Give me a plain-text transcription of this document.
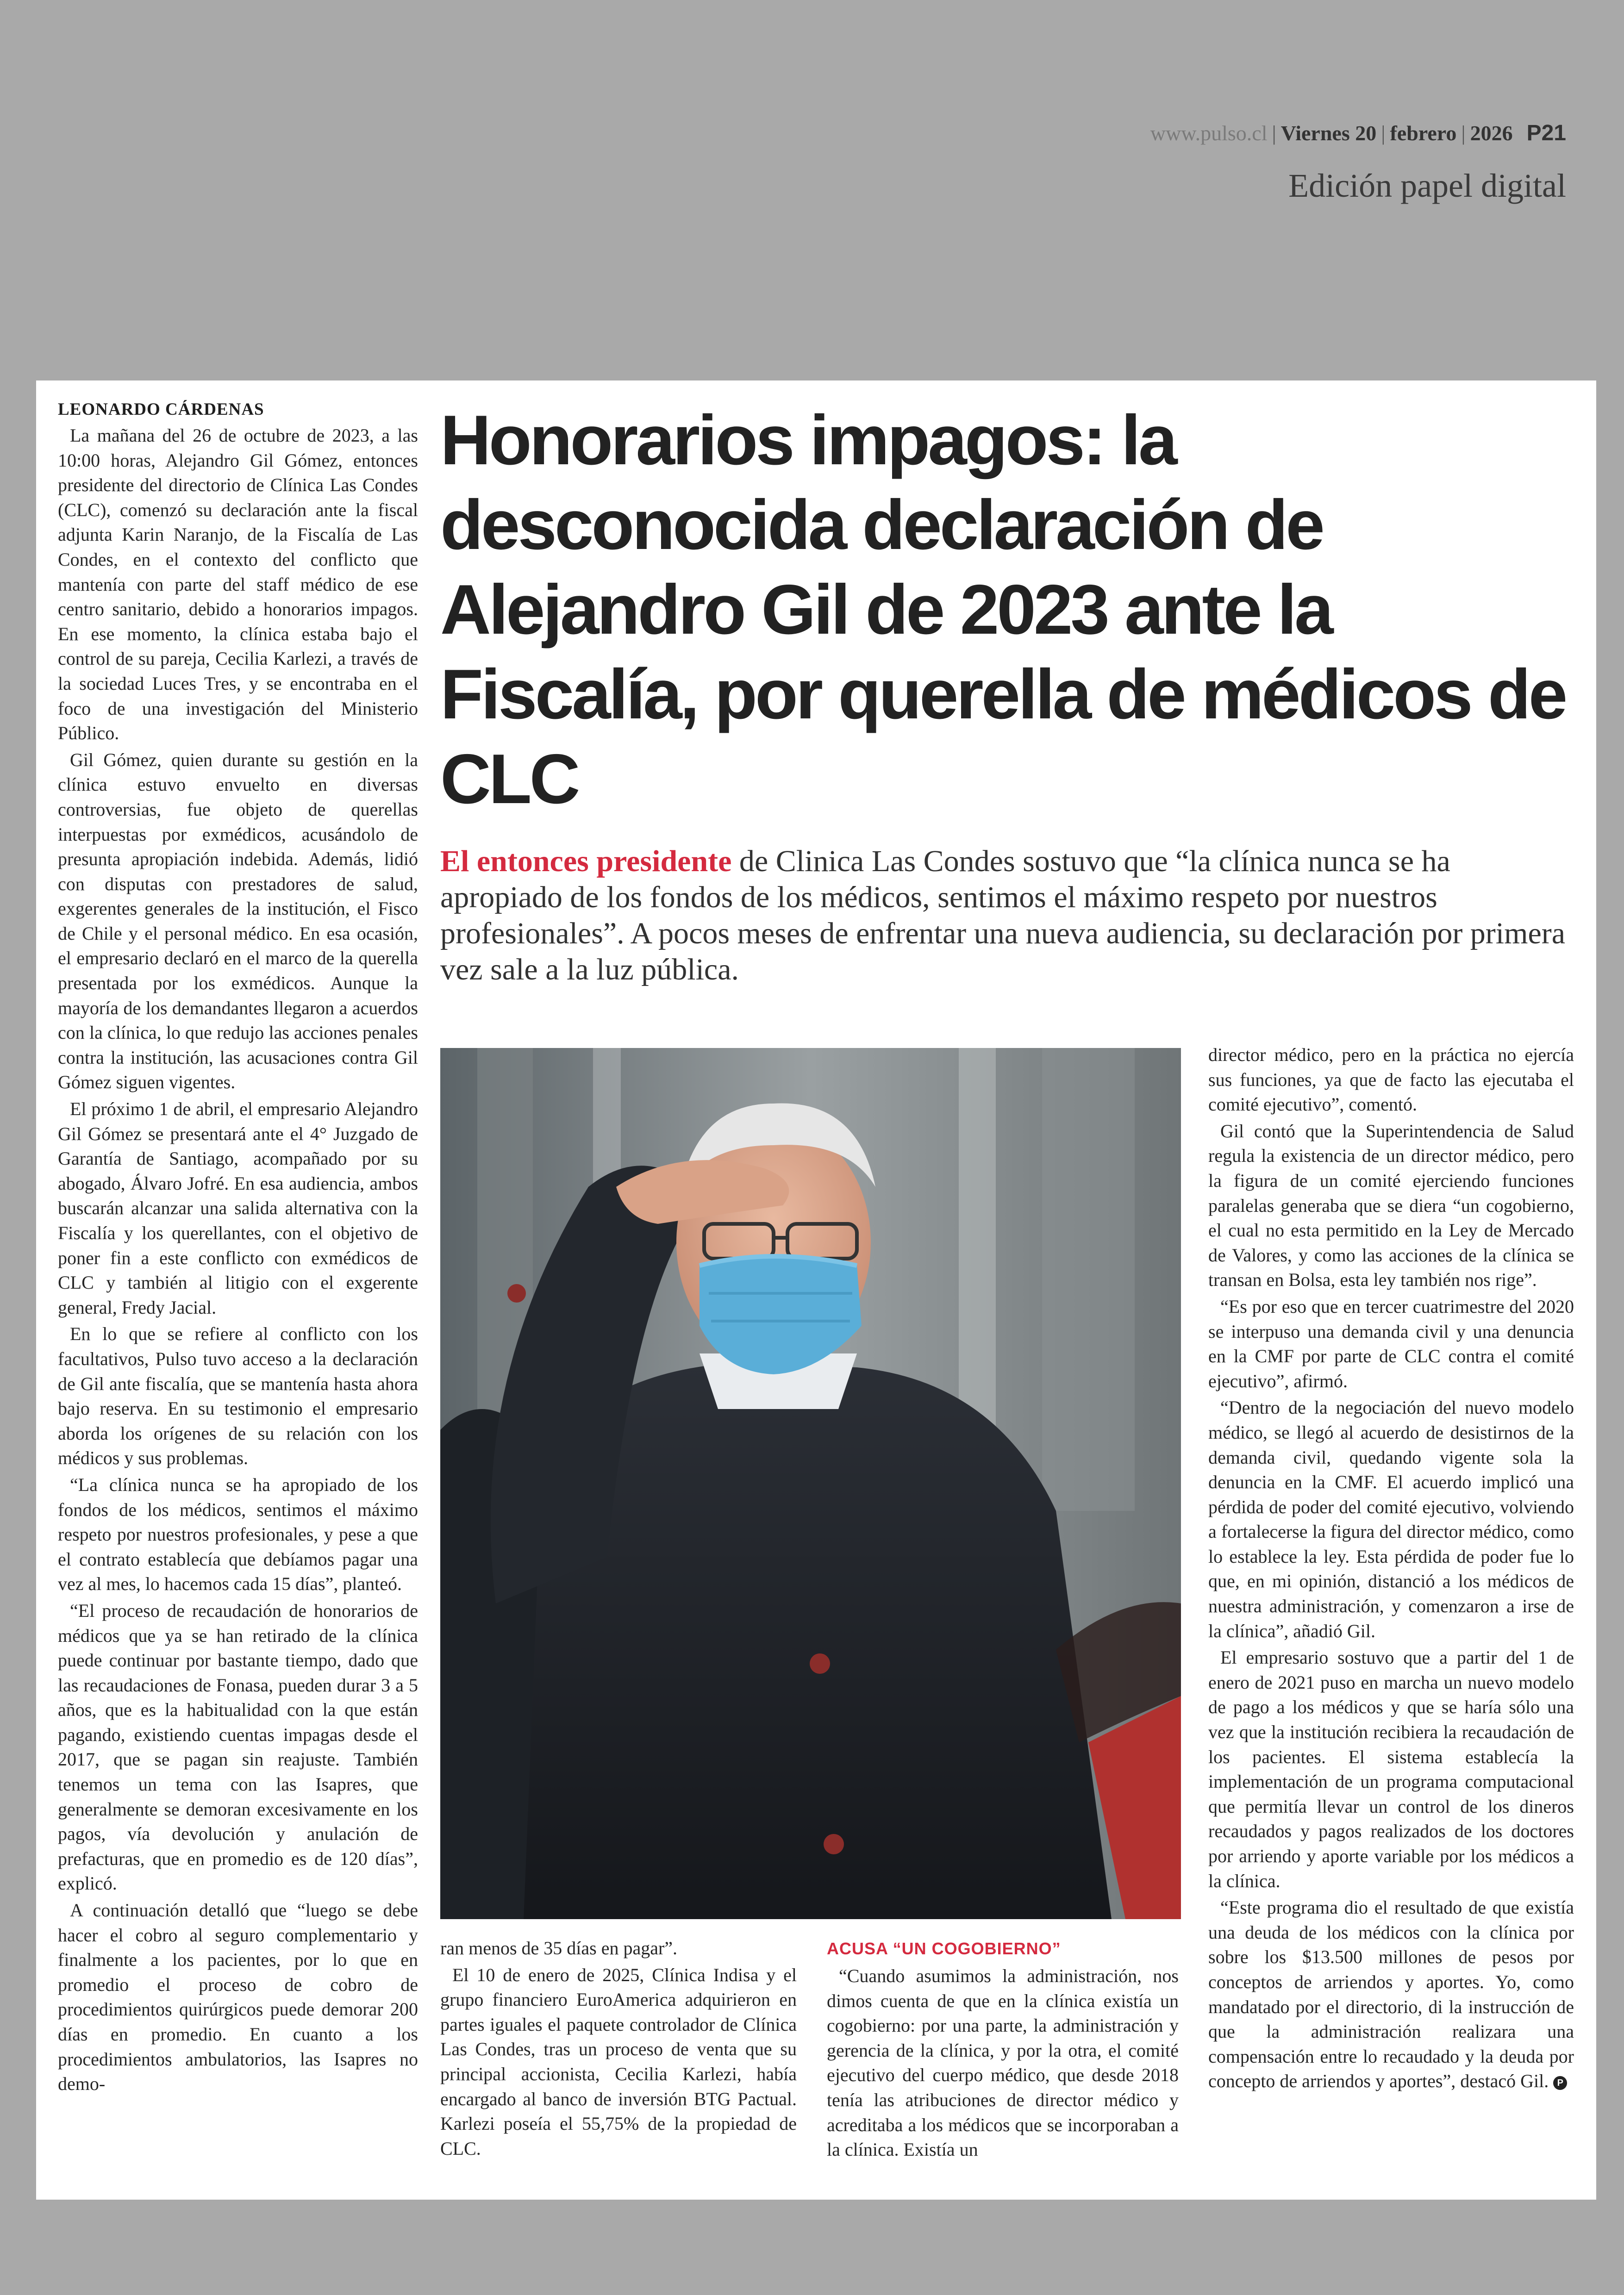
www.pulso.cl | Viernes 20 | febrero | 2026 P21
Edición papel digital

LEONARDO CÁRDENAS

La mañana del 26 de octubre de 2023, a las 10:00 horas, Alejandro Gil Gómez, entonces presidente del directorio de Clínica Las Condes (CLC), comenzó su declaración ante la fiscal adjunta Karin Naranjo, de la Fiscalía de Las Condes, en el contexto del conflicto que mantenía con parte del staff médico de ese centro sanitario, debido a honorarios impagos. En ese momento, la clínica estaba bajo el control de su pareja, Cecilia Karlezi, a través de la sociedad Luces Tres, y se encontraba en el foco de una investigación del Ministerio Público.

Gil Gómez, quien durante su gestión en la clínica estuvo envuelto en diversas controversias, fue objeto de querellas interpuestas por exmédicos, acusándolo de presunta apropiación indebida. Además, lidió con disputas con prestadores de salud, exgerentes generales de la institución, el Fisco de Chile y el personal médico. En esa ocasión, el empresario declaró en el marco de la querella presentada por los exmédicos. Aunque la mayoría de los demandantes llegaron a acuerdos con la clínica, lo que redujo las acciones penales contra la institución, las acusaciones contra Gil Gómez siguen vigentes.

El próximo 1 de abril, el empresario Alejandro Gil Gómez se presentará ante el 4° Juzgado de Garantía de Santiago, acompañado por su abogado, Álvaro Jofré. En esa audiencia, ambos buscarán alcanzar una salida alternativa con la Fiscalía y los querellantes, con el objetivo de poner fin a este conflicto con exmédicos de CLC y también al litigio con el exgerente general, Fredy Jacial.

En lo que se refiere al conflicto con los facultativos, Pulso tuvo acceso a la declaración de Gil ante fiscalía, que se mantenía hasta ahora bajo reserva. En su testimonio el empresario aborda los orígenes de su relación con los médicos y sus problemas.

“La clínica nunca se ha apropiado de los fondos de los médicos, sentimos el máximo respeto por nuestros profesionales, y pese a que el contrato establecía que debíamos pagar una vez al mes, lo hacemos cada 15 días”, planteó.

“El proceso de recaudación de honorarios de médicos que ya se han retirado de la clínica puede continuar por bastante tiempo, dado que las recaudaciones de Fonasa, pueden durar 3 a 5 años, que es la habitualidad con la que están pagando, existiendo cuentas impagas desde el 2017, que se pagan sin reajuste. También tenemos un tema con las Isapres, que generalmente se demoran excesivamente en los pagos, vía devolución y anulación de prefacturas, que en promedio es de 120 días”, explicó.

A continuación detalló que “luego se debe hacer el cobro al seguro complementario y finalmente a los pacientes, por lo que en promedio el proceso de cobro de procedimientos quirúrgicos puede demorar 200 días en promedio. En cuanto a los procedimientos ambulatorios, las Isapres no demo-

Honorarios impagos: la desconocida declaración de Alejandro Gil de 2023 ante la Fiscalía, por querella de médicos de CLC

El entonces presidente de Clinica Las Condes sostuvo que “la clínica nunca se ha apropiado de los fondos de los médicos, sentimos el máximo respeto por nuestros profesionales”. A pocos meses de enfrentar una nueva audiencia, su declaración por primera vez sale a la luz pública.

ran menos de 35 días en pagar”.

El 10 de enero de 2025, Clínica Indisa y el grupo financiero EuroAmerica adquirieron en partes iguales el paquete controlador de Clínica Las Condes, tras un proceso de venta que su principal accionista, Cecilia Karlezi, había encargado al banco de inversión BTG Pactual. Karlezi poseía el 55,75% de la propiedad de CLC.

ACUSA “UN COGOBIERNO”

“Cuando asumimos la administración, nos dimos cuenta de que en la clínica existía un cogobierno: por una parte, la administración y gerencia de la clínica, y por la otra, el comité ejecutivo del cuerpo médico, que desde 2018 tenía las atribuciones de director médico y acreditaba a los médicos que se incorporaban a la clínica. Existía un

director médico, pero en la práctica no ejercía sus funciones, ya que de facto las ejecutaba el comité ejecutivo”, comentó.

Gil contó que la Superintendencia de Salud regula la existencia de un director médico, pero la figura de un comité ejerciendo funciones paralelas generaba que se diera “un cogobierno, el cual no esta permitido en la Ley de Mercado de Valores, y como las acciones de la clínica se transan en Bolsa, esta ley también nos rige”.

“Es por eso que en tercer cuatrimestre del 2020 se interpuso una demanda civil y una denuncia en la CMF por parte de CLC contra el comité ejecutivo”, afirmó.

“Dentro de la negociación del nuevo modelo médico, se llegó al acuerdo de desistirnos de la demanda civil, quedando vigente sola la denuncia en la CMF. El acuerdo implicó una pérdida de poder del comité ejecutivo, volviendo a fortalecerse la figura del director médico, como lo establece la ley. Esta pérdida de poder fue lo que, en mi opinión, distanció a los médicos de nuestra administración, y comenzaron a irse de la clínica”, añadió Gil.

El empresario sostuvo que a partir del 1 de enero de 2021 puso en marcha un nuevo modelo de pago a los médicos y que se haría sólo una vez que la institución recibiera la recaudación de los pacientes. El sistema establecía la implementación de un programa computacional que permitía llevar un control de los dineros recaudados y pagos realizados de los doctores por arriendo y aporte variable por los médicos a la clínica.

“Este programa dio el resultado de que existía una deuda de los médicos con la clínica por sobre los $13.500 millones de pesos por conceptos de arriendos y aportes. Yo, como mandatado por el directorio, di la instrucción de que la administración realizara una compensación entre lo recaudado y la deuda por concepto de arriendos y aportes”, destacó Gil. P
